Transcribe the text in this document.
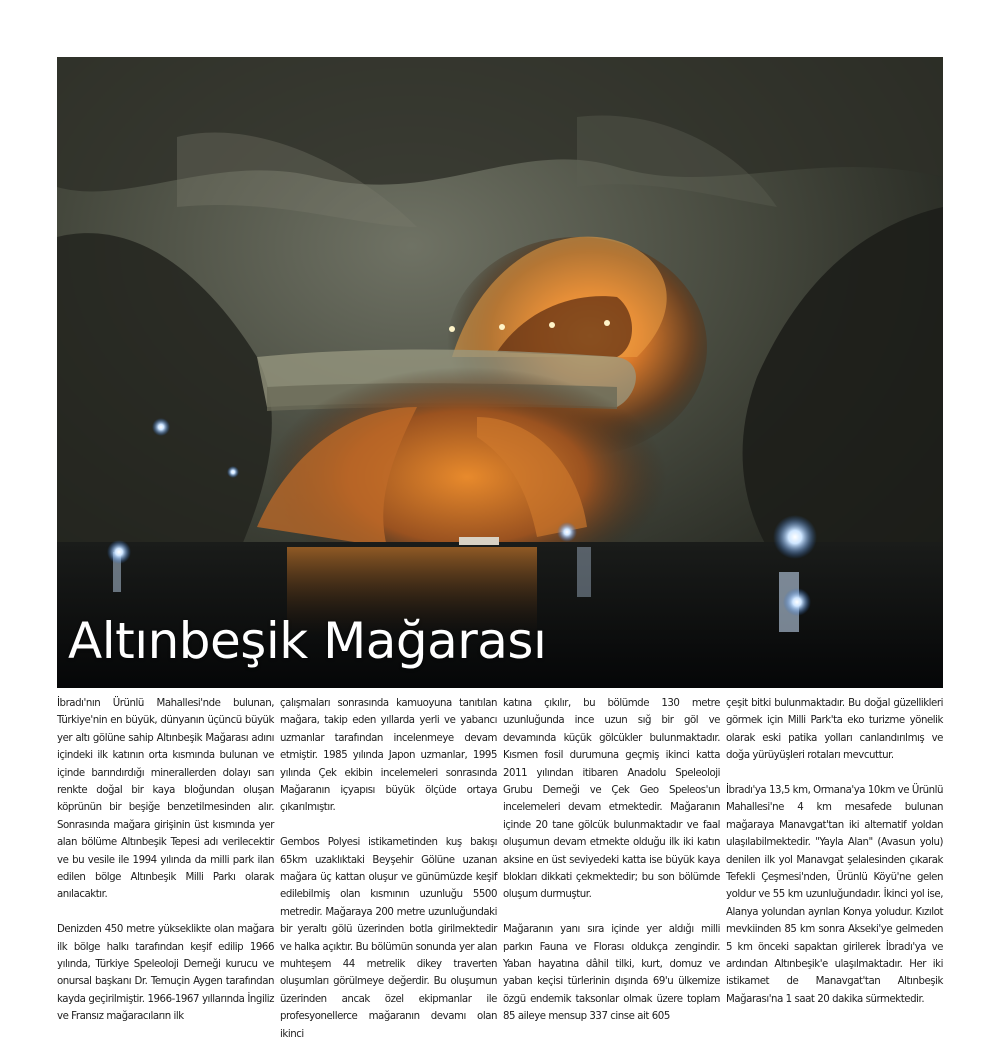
FOTOĞRAF: İbrahim Göksungur
Altınbeşik Mağarası

İbradı'nın Ürünlü Mahallesi'nde bulunan, Türkiye'nin en büyük, dünyanın üçüncü büyük yer altı gölüne sahip Altınbeşik Mağarası adını içindeki ilk katının orta kısmında bulunan ve içinde barındırdığı minerallerden dolayı sarı renkte doğal bir kaya bloğundan oluşan köprünün bir beşiğe benzetilmesinden alır. Sonrasında mağara girişinin üst kısmında yer alan bölüme Altınbeşik Tepesi adı verilecektir ve bu vesile ile 1994 yılında da milli park ilan edilen bölge Altınbeşik Milli Parkı olarak anılacaktır.

Denizden 450 metre yükseklikte olan mağara ilk bölge halkı tarafından keşif edilip 1966 yılında, Türkiye Speleoloji Derneği kurucu ve onursal başkanı Dr. Temuçin Aygen tarafından kayda geçirilmiştir. 1966-1967 yıllarında İngiliz ve Fransız mağaracıların ilk

çalışmaları sonrasında kamuoyuna tanıtılan mağara, takip eden yıllarda yerli ve yabancı uzmanlar tarafından incelenmeye devam etmiştir. 1985 yılında Japon uzmanlar, 1995 yılında Çek ekibin incelemeleri sonrasında Mağaranın içyapısı büyük ölçüde ortaya çıkarılmıştır.

Gembos Polyesi istikametinden kuş bakışı 65km uzaklıktaki Beyşehir Gölüne uzanan mağara üç kattan oluşur ve günümüzde keşif edilebilmiş olan kısmının uzunluğu 5500 metredir. Mağaraya 200 metre uzunluğundaki bir yeraltı gölü üzerinden botla girilmektedir ve halka açıktır. Bu bölümün sonunda yer alan muhteşem 44 metrelik dikey traverten oluşumları görülmeye değerdir. Bu oluşumun üzerinden ancak özel ekipmanlar ile profesyonellerce mağaranın devamı olan ikinci

katına çıkılır, bu bölümde 130 metre uzunluğunda ince uzun sığ bir göl ve devamında küçük gölcükler bulunmaktadır. Kısmen fosil durumuna geçmiş ikinci katta 2011 yılından itibaren Anadolu Speleoloji Grubu Derneği ve Çek Geo Speleos'un incelemeleri devam etmektedir. Mağaranın içinde 20 tane gölcük bulunmaktadır ve faal oluşumun devam etmekte olduğu ilk iki katın aksine en üst seviyedeki katta ise büyük kaya blokları dikkati çekmektedir; bu son bölümde oluşum durmuştur.

Mağaranın yanı sıra içinde yer aldığı milli parkın Fauna ve Florası oldukça zengindir. Yaban hayatına dâhil tilki, kurt, domuz ve yaban keçisi türlerinin dışında 69'u ülkemize özgü endemik taksonlar olmak üzere toplam 85 aileye mensup 337 cinse ait 605

çeşit bitki bulunmaktadır. Bu doğal güzellikleri görmek için Milli Park'ta eko turizme yönelik olarak eski patika yolları canlandırılmış ve doğa yürüyüşleri rotaları mevcuttur.

İbradı'ya 13,5 km, Ormana'ya 10km ve Ürünlü Mahallesi'ne 4 km mesafede bulunan mağaraya Manavgat'tan iki alternatif yoldan ulaşılabilmektedir. "Yayla Alan" (Avasun yolu) denilen ilk yol Manavgat şelalesinden çıkarak Tefekli Çeşmesi'nden, Ürünlü Köyü'ne gelen yoldur ve 55 km uzunluğundadır. İkinci yol ise, Alanya yolundan ayrılan Konya yoludur. Kızılot mevkiinden 85 km sonra Akseki'ye gelmeden 5 km önceki sapaktan girilerek İbradı'ya ve ardından Altınbeşik'e ulaşılmaktadır. Her iki istikamet de Manavgat'tan Altınbeşik Mağarası'na 1 saat 20 dakika sürmektedir.
